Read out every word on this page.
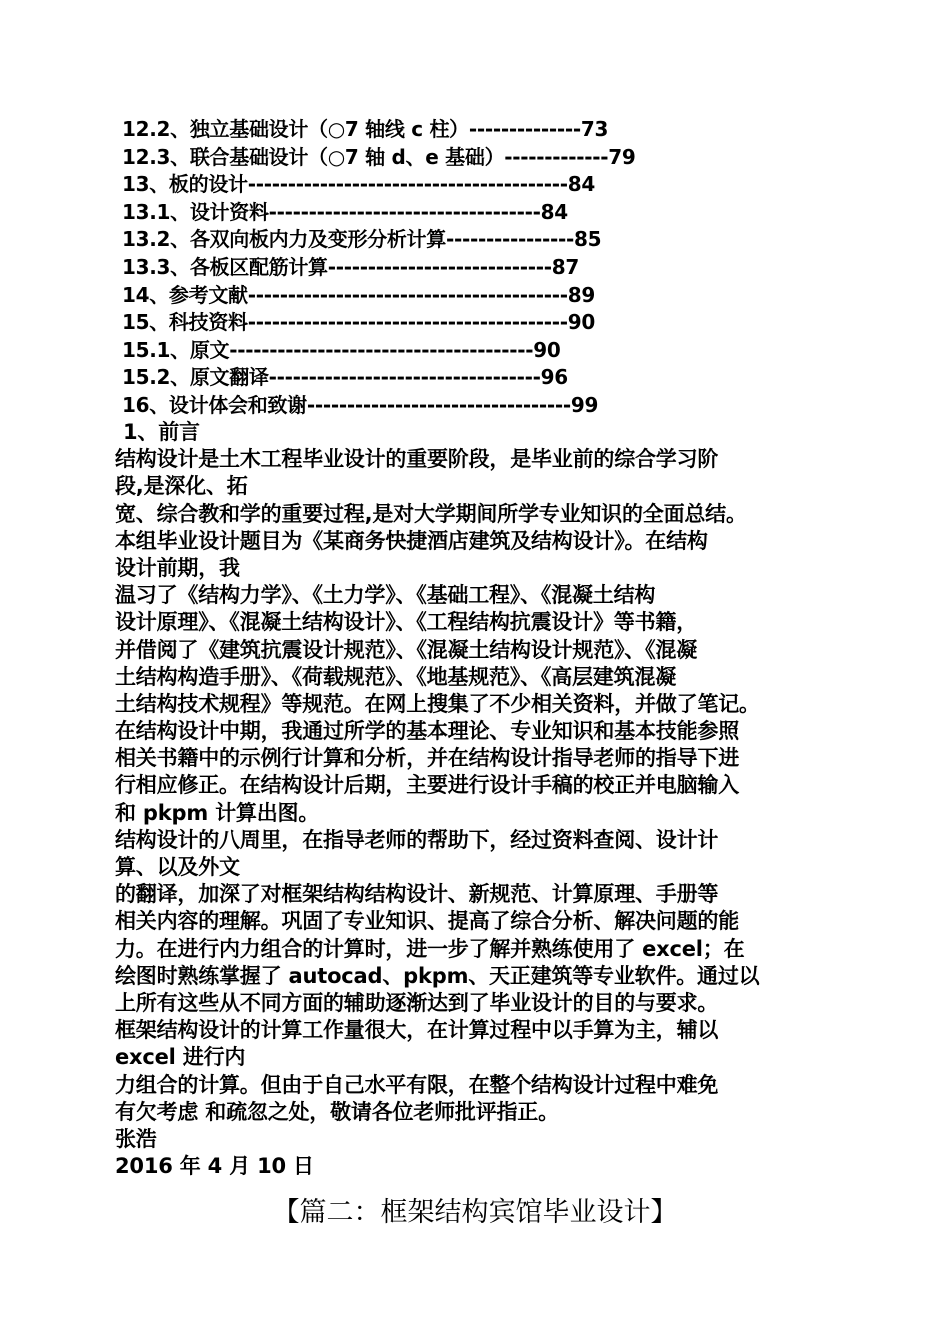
12.2、独立基础设计（○7 轴线 c 柱）--------------73
12.3、联合基础设计（○7 轴 d、e 基础）-------------79
13、板的设计----------------------------------------84
13.1、设计资料----------------------------------84
13.2、各双向板内力及变形分析计算----------------85
13.3、各板区配筋计算----------------------------87
14、参考文献----------------------------------------89
15、科技资料----------------------------------------90
15.1、原文--------------------------------------90
15.2、原文翻译----------------------------------96
16、设计体会和致谢---------------------------------99
1、前言
结构设计是土木工程毕业设计的重要阶段，是毕业前的综合学习阶
段,是深化、拓
宽、综合教和学的重要过程,是对大学期间所学专业知识的全面总结。
本组毕业设计题目为《某商务快捷酒店建筑及结构设计》。在结构
设计前期，我
温习了《结构力学》、《土力学》、《基础工程》、《混凝土结构
设计原理》、《混凝土结构设计》、《工程结构抗震设计》等书籍，
并借阅了《建筑抗震设计规范》、《混凝土结构设计规范》、《混凝
土结构构造手册》、《荷载规范》、《地基规范》、《高层建筑混凝
土结构技术规程》等规范。在网上搜集了不少相关资料，并做了笔记。
在结构设计中期，我通过所学的基本理论、专业知识和基本技能参照
相关书籍中的示例行计算和分析，并在结构设计指导老师的指导下进
行相应修正。在结构设计后期，主要进行设计手稿的校正并电脑输入
和 pkpm 计算出图。
结构设计的八周里，在指导老师的帮助下，经过资料查阅、设计计
算、以及外文
的翻译，加深了对框架结构结构设计、新规范、计算原理、手册等
相关内容的理解。巩固了专业知识、提高了综合分析、解决问题的能
力。在进行内力组合的计算时，进一步了解并熟练使用了 excel；在
绘图时熟练掌握了 autocad、pkpm、天正建筑等专业软件。通过以
上所有这些从不同方面的辅助逐渐达到了毕业设计的目的与要求。
框架结构设计的计算工作量很大，在计算过程中以手算为主，辅以
excel 进行内
力组合的计算。但由于自己水平有限，在整个结构设计过程中难免
有欠考虑 和疏忽之处，敬请各位老师批评指正。
张浩
2016 年 4 月 10 日
【篇二：框架结构宾馆毕业设计】
